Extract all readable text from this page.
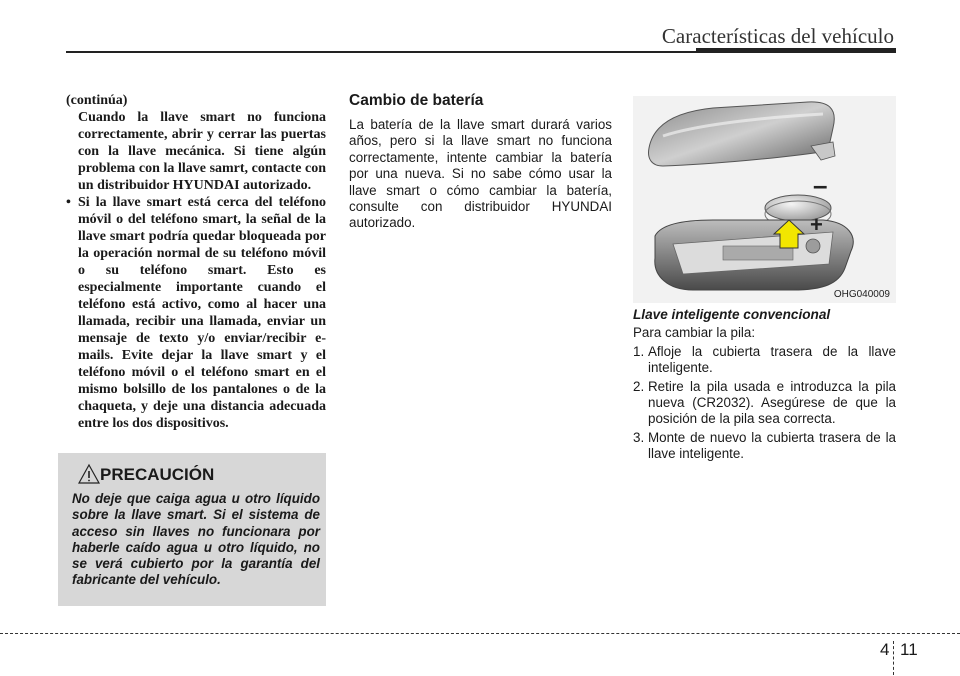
Características del vehículo

(continúa)

Cuando la llave smart no funciona correctamente, abrir y cerrar las puertas con la llave mecánica. Si tiene algún problema con la llave samrt, contacte con un distribuidor HYUNDAI autorizado.

• Si la llave smart está cerca del teléfono móvil o del teléfono smart, la señal de la llave smart podría quedar bloqueada por la operación normal de su teléfono móvil o su teléfono smart. Esto es especialmente importante cuando el teléfono está activo, como al hacer una llamada, recibir una llamada, enviar un mensaje de texto y/o enviar/recibir e-mails. Evite dejar la llave smart y el teléfono móvil o el teléfono smart en el mismo bolsillo de los pantalones o de la chaqueta, y deje una distancia adecuada entre los dos dispositivos.

PRECAUCIÓN

No deje que caiga agua u otro líquido sobre la llave smart. Si el sistema de acceso sin llaves no funcionara por haberle caído agua u otro líquido, no se verá cubierto por la garantía del fabricante del vehículo.

Cambio de batería

La batería de la llave smart durará varios años, pero si la llave smart no funciona correctamente, intente cambiar la batería por una nueva. Si no sabe cómo usar la llave smart o cómo cambiar la batería, consulte con distribuidor HYUNDAI autorizado.

–
+
OHG040009

Llave inteligente convencional

Para cambiar la pila:

1. Afloje la cubierta trasera de la llave inteligente.
2. Retire la pila usada e introduzca la pila nueva (CR2032). Asegúrese de que la posición de la pila sea correcta.
3. Monte de nuevo la cubierta trasera de la llave inteligente.
4 11
